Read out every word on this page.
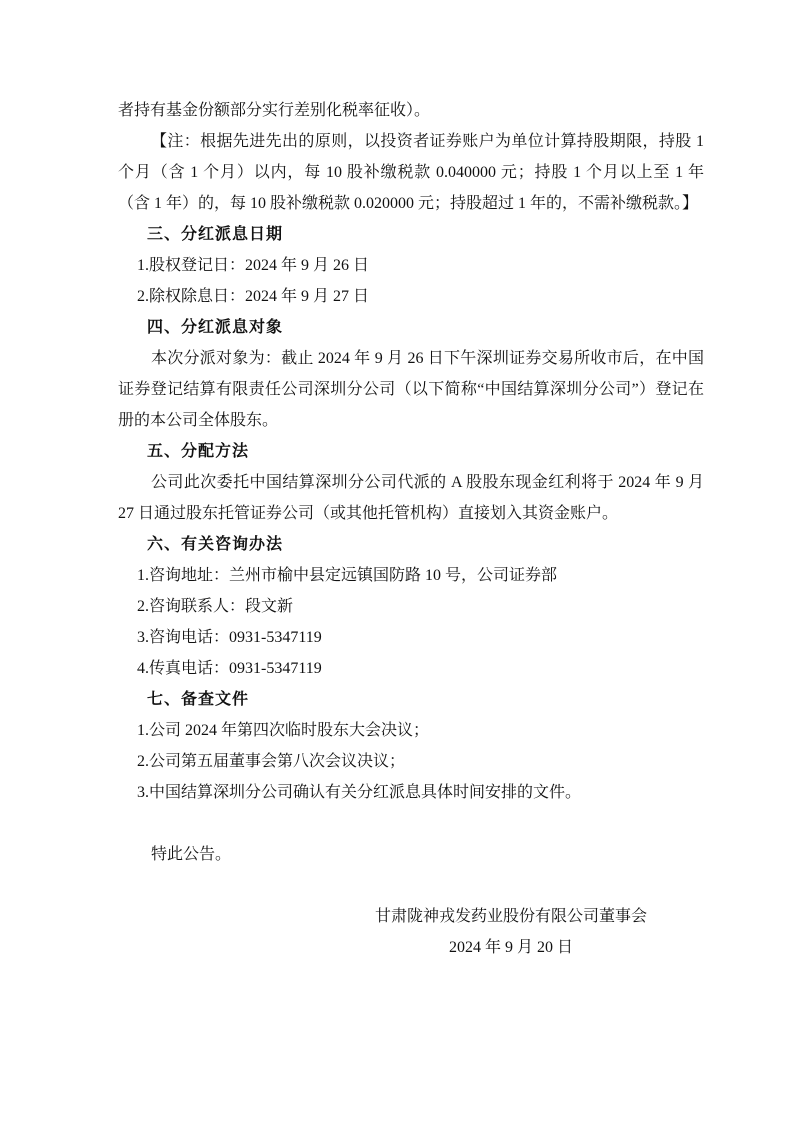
者持有基金份额部分实行差别化税率征收）。
【注：根据先进先出的原则，以投资者证券账户为单位计算持股期限，持股 1 个月（含 1 个月）以内，每 10 股补缴税款 0.040000 元；持股 1 个月以上至 1 年（含 1 年）的，每 10 股补缴税款 0.020000 元；持股超过 1 年的，不需补缴税款。】
三、分红派息日期
1.股权登记日：2024 年 9 月 26 日
2.除权除息日：2024 年 9 月 27 日
四、分红派息对象
本次分派对象为：截止 2024 年 9 月 26 日下午深圳证券交易所收市后，在中国证券登记结算有限责任公司深圳分公司（以下简称“中国结算深圳分公司”）登记在册的本公司全体股东。
五、分配方法
公司此次委托中国结算深圳分公司代派的 A 股股东现金红利将于 2024 年 9 月 27 日通过股东托管证券公司（或其他托管机构）直接划入其资金账户。
六、有关咨询办法
1.咨询地址：兰州市榆中县定远镇国防路 10 号，公司证券部
2.咨询联系人：段文新
3.咨询电话：0931-5347119
4.传真电话：0931-5347119
七、备查文件
1.公司 2024 年第四次临时股东大会决议；
2.公司第五届董事会第八次会议决议；
3.中国结算深圳分公司确认有关分红派息具体时间安排的文件。
特此公告。
甘肃陇神戎发药业股份有限公司董事会
2024 年 9 月 20 日
